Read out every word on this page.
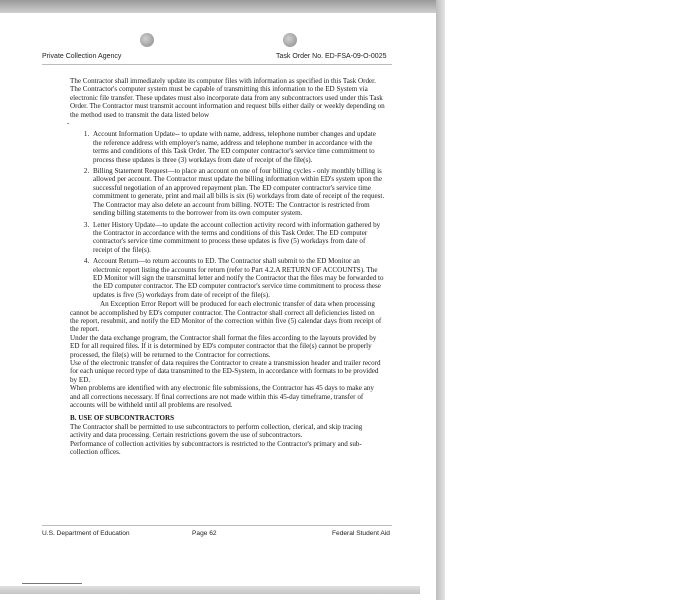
Private Collection Agency	Task Order No. ED-FSA-09-O-0025

The Contractor shall immediately update its computer files with information as specified in this Task Order. The Contractor's computer system must be capable of transmitting this information to the ED System via electronic file transfer. These updates must also incorporate data from any subcontractors used under this Task Order. The Contractor must transmit account information and request bills either daily or weekly depending on the method used to transmit the data listed below

-

1. Account Information Update-- to update with name, address, telephone number changes and update the reference address with employer's name, address and telephone number in accordance with the terms and conditions of this Task Order. The ED computer contractor's service time commitment to process these updates is three (3) workdays from date of receipt of the file(s).
2. Billing Statement Request—to place an account on one of four billing cycles - only monthly billing is allowed per account. The Contractor must update the billing information within ED's system upon the successful negotiation of an approved repayment plan. The ED computer contractor's service time commitment to generate, print and mail all bills is six (6) workdays from date of receipt of the request. The Contractor may also delete an account from billing. NOTE: The Contractor is restricted from sending billing statements to the borrower from its own computer system.
3. Letter History Update—to update the account collection activity record with information gathered by the Contractor in accordance with the terms and conditions of this Task Order. The ED computer contractor's service time commitment to process these updates is five (5) workdays from date of receipt of the file(s).
4. Account Return—to return accounts to ED. The Contractor shall submit to the ED Monitor an electronic report listing the accounts for return (refer to Part 4.2.A RETURN OF ACCOUNTS). The ED Monitor will sign the transmittal letter and notify the Contractor that the files may be forwarded to the ED computer contractor. The ED computer contractor's service time commitment to process these updates is five (5) workdays from date of receipt of the file(s).

An Exception Error Report will be produced for each electronic transfer of data when processing cannot be accomplished by ED's computer contractor. The Contractor shall correct all deficiencies listed on the report, resubmit, and notify the ED Monitor of the correction within five (5) calendar days from receipt of the report.

Under the data exchange program, the Contractor shall format the files according to the layouts provided by ED for all required files. If it is determined by ED's computer contractor that the file(s) cannot be properly processed, the file(s) will be returned to the Contractor for corrections.

Use of the electronic transfer of data requires the Contractor to create a transmission header and trailer record for each unique record type of data transmitted to the ED-System, in accordance with formats to be provided by ED.

When problems are identified with any electronic file submissions, the Contractor has 45 days to make any and all corrections necessary. If final corrections are not made within this 45-day timeframe, transfer of accounts will be withheld until all problems are resolved.

B. USE OF SUBCONTRACTORS

The Contractor shall be permitted to use subcontractors to perform collection, clerical, and skip tracing activity and data processing. Certain restrictions govern the use of subcontractors.

Performance of collection activities by subcontractors is restricted to the Contractor's primary and sub-collection offices.

U.S. Department of Education	Page 62	Federal Student Aid
